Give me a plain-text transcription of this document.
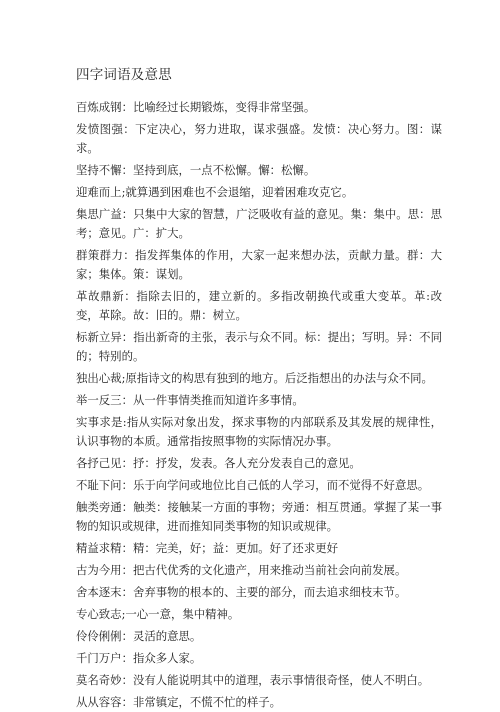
四字词语及意思
百炼成钢：比喻经过长期锻炼，变得非常坚强。
发愤图强：下定决心，努力进取，谋求强盛。发愤：决心努力。图：谋求。
坚持不懈：坚持到底，一点不松懈。懈：松懈。
迎难而上;就算遇到困难也不会退缩，迎着困难攻克它。
集思广益：只集中大家的智慧，广泛吸收有益的意见。集：集中。思：思考；意见。广：扩大。
群策群力：指发挥集体的作用，大家一起来想办法，贡献力量。群：大家；集体。策：谋划。
革故鼎新：指除去旧的，建立新的。多指改朝换代或重大变革。革:改变，革除。故：旧的。鼎：树立。
标新立异：指出新奇的主张，表示与众不同。标：提出；写明。异：不同的；特别的。
独出心裁;原指诗文的构思有独到的地方。后泛指想出的办法与众不同。
举一反三：从一件事情类推而知道许多事情。
实事求是:指从实际对象出发，探求事物的内部联系及其发展的规律性，认识事物的本质。通常指按照事物的实际情况办事。
各抒己见：抒：抒发，发表。各人充分发表自己的意见。
不耻下问：乐于向学问或地位比自己低的人学习，而不觉得不好意思。
触类旁通：触类：接触某一方面的事物；旁通：相互贯通。掌握了某一事物的知识或规律，进而推知同类事物的知识或规律。
精益求精：精：完美，好；益：更加。好了还求更好
古为今用：把古代优秀的文化遗产，用来推动当前社会向前发展。
舍本逐末：舍弃事物的根本的、主要的部分，而去追求细枝末节。
专心致志;一心一意，集中精神。
伶伶俐俐：灵活的意思。
千门万户：指众多人家。
莫名奇妙：没有人能说明其中的道理，表示事情很奇怪，使人不明白。
从从容容：非常镇定，不慌不忙的样子。
